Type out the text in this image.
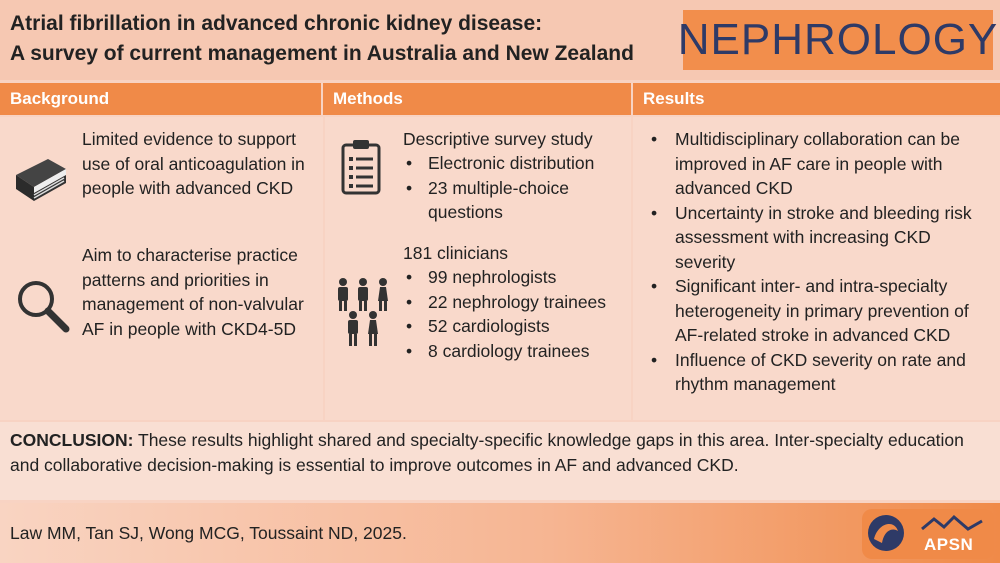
Atrial fibrillation in advanced chronic kidney disease:
A survey of current management in Australia and New Zealand NEPHROLOGY
Background	Methods	Results
Limited evidence to support use of oral anticoagulation in people with advanced CKD
Aim to characterise practice patterns and priorities in management of non-valvular AF in people with CKD4-5D
Descriptive survey study
• Electronic distribution
• 23 multiple-choice questions
181 clinicians
• 99 nephrologists
• 22 nephrology trainees
• 52 cardiologists
• 8 cardiology trainees
• Multidisciplinary collaboration can be improved in AF care in people with advanced CKD
• Uncertainty in stroke and bleeding risk assessment with increasing CKD severity
• Significant inter- and intra-specialty heterogeneity in primary prevention of AF-related stroke in advanced CKD
• Influence of CKD severity on rate and rhythm management
CONCLUSION: These results highlight shared and specialty-specific knowledge gaps in this area. Inter-specialty education and collaborative decision-making is essential to improve outcomes in AF and advanced CKD.
Law MM, Tan SJ, Wong MCG, Toussaint ND, 2025.
APSN
